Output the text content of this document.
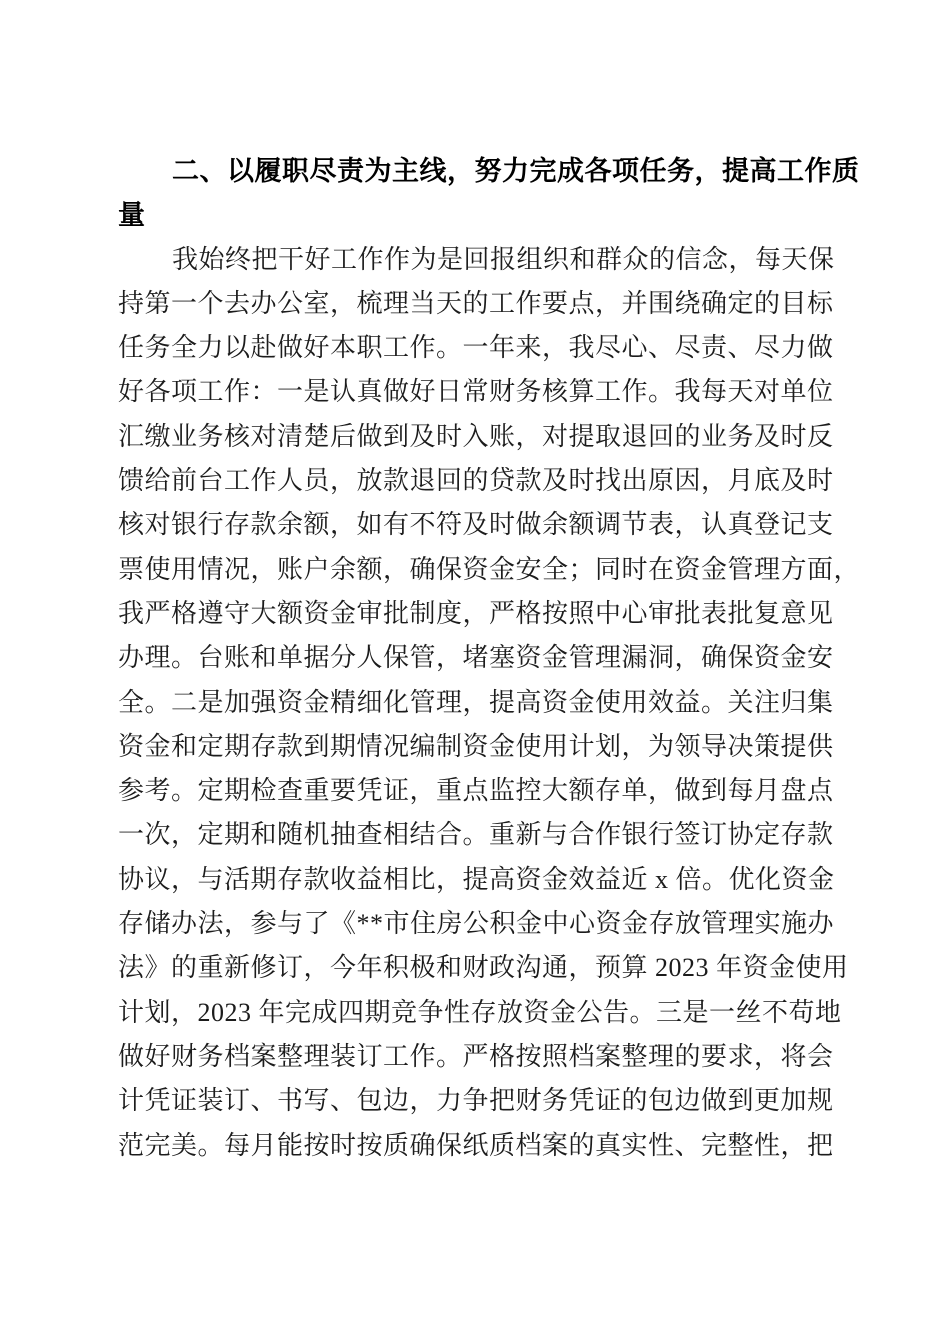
二、以履职尽责为主线，努力完成各项任务，提高工作质
量
我始终把干好工作作为是回报组织和群众的信念，每天保
持第一个去办公室，梳理当天的工作要点，并围绕确定的目标
任务全力以赴做好本职工作。一年来，我尽心、尽责、尽力做
好各项工作：一是认真做好日常财务核算工作。我每天对单位
汇缴业务核对清楚后做到及时入账，对提取退回的业务及时反
馈给前台工作人员，放款退回的贷款及时找出原因，月底及时
核对银行存款余额，如有不符及时做余额调节表，认真登记支
票使用情况，账户余额，确保资金安全；同时在资金管理方面，
我严格遵守大额资金审批制度，严格按照中心审批表批复意见
办理。台账和单据分人保管，堵塞资金管理漏洞，确保资金安
全。二是加强资金精细化管理，提高资金使用效益。关注归集
资金和定期存款到期情况编制资金使用计划，为领导决策提供
参考。定期检查重要凭证，重点监控大额存单，做到每月盘点
一次，定期和随机抽查相结合。重新与合作银行签订协定存款
协议，与活期存款收益相比，提高资金效益近 x 倍。优化资金
存储办法，参与了《**市住房公积金中心资金存放管理实施办
法》的重新修订，今年积极和财政沟通，预算 2023 年资金使用
计划，2023 年完成四期竞争性存放资金公告。三是一丝不苟地
做好财务档案整理装订工作。严格按照档案整理的要求，将会
计凭证装订、书写、包边，力争把财务凭证的包边做到更加规
范完美。每月能按时按质确保纸质档案的真实性、完整性，把
